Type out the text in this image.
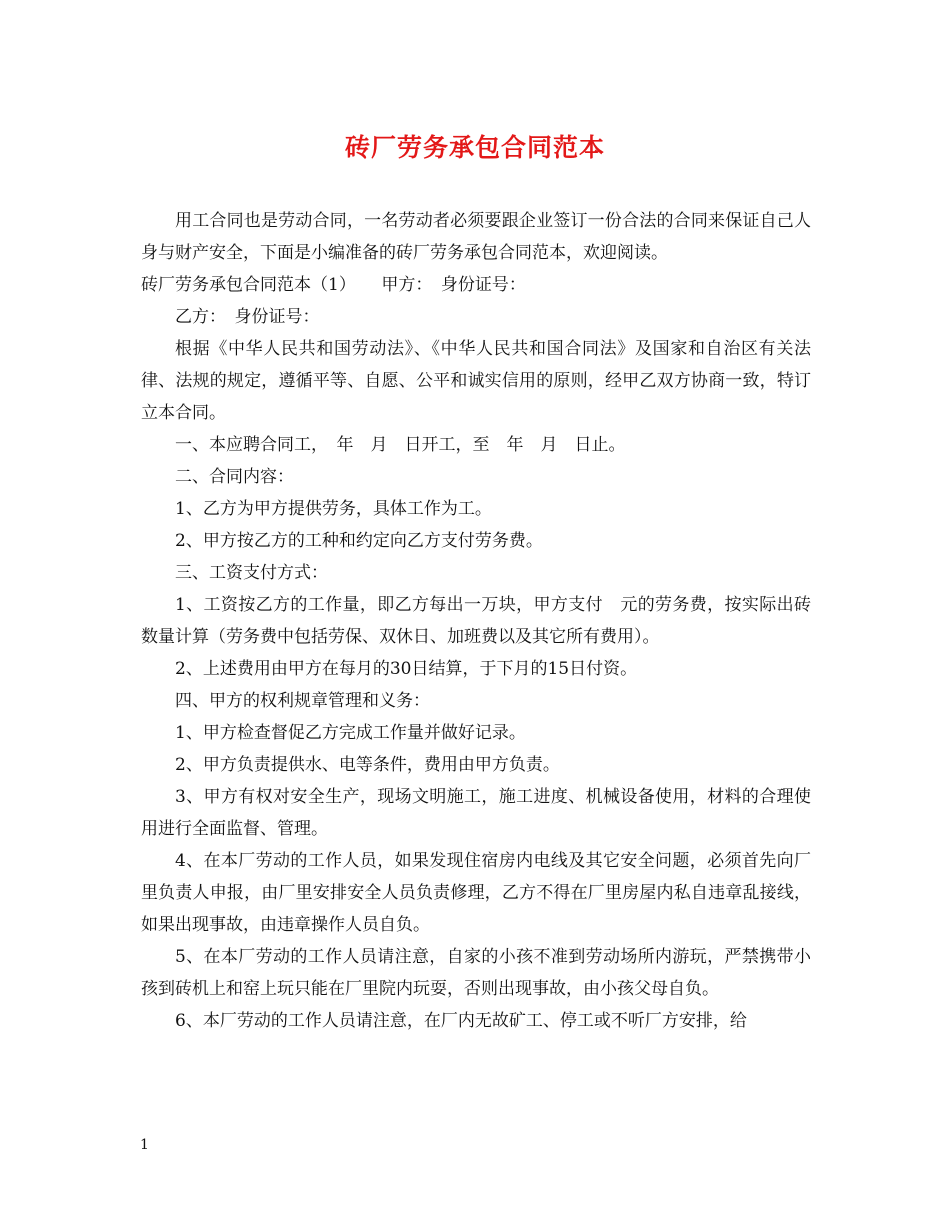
砖厂劳务承包合同范本

用工合同也是劳动合同，一名劳动者必须要跟企业签订一份合法的合同来保证自己人身与财产安全，下面是小编准备的砖厂劳务承包合同范本，欢迎阅读。

砖厂劳务承包合同范本（1）　　甲方：　身份证号：

乙方：　身份证号：

根据《中华人民共和国劳动法》、《中华人民共和国合同法》及国家和自治区有关法律、法规的规定，遵循平等、自愿、公平和诚实信用的原则，经甲乙双方协商一致，特订立本合同。

一、本应聘合同工，　年　月　日开工，至　年　月　日止。

二、合同内容：

1、乙方为甲方提供劳务，具体工作为工。

2、甲方按乙方的工种和约定向乙方支付劳务费。

三、工资支付方式：

1、工资按乙方的工作量，即乙方每出一万块，甲方支付　元的劳务费，按实际出砖数量计算（劳务费中包括劳保、双休日、加班费以及其它所有费用）。

2、上述费用由甲方在每月的30日结算，于下月的15日付资。

四、甲方的权利规章管理和义务：

1、甲方检查督促乙方完成工作量并做好记录。

2、甲方负责提供水、电等条件，费用由甲方负责。

3、甲方有权对安全生产，现场文明施工，施工进度、机械设备使用，材料的合理使用进行全面监督、管理。

4、在本厂劳动的工作人员，如果发现住宿房内电线及其它安全问题，必须首先向厂里负责人申报，由厂里安排安全人员负责修理，乙方不得在厂里房屋内私自违章乱接线，如果出现事故，由违章操作人员自负。

5、在本厂劳动的工作人员请注意，自家的小孩不准到劳动场所内游玩，严禁携带小孩到砖机上和窑上玩只能在厂里院内玩耍，否则出现事故，由小孩父母自负。

6、本厂劳动的工作人员请注意，在厂内无故矿工、停工或不听厂方安排，给

1
